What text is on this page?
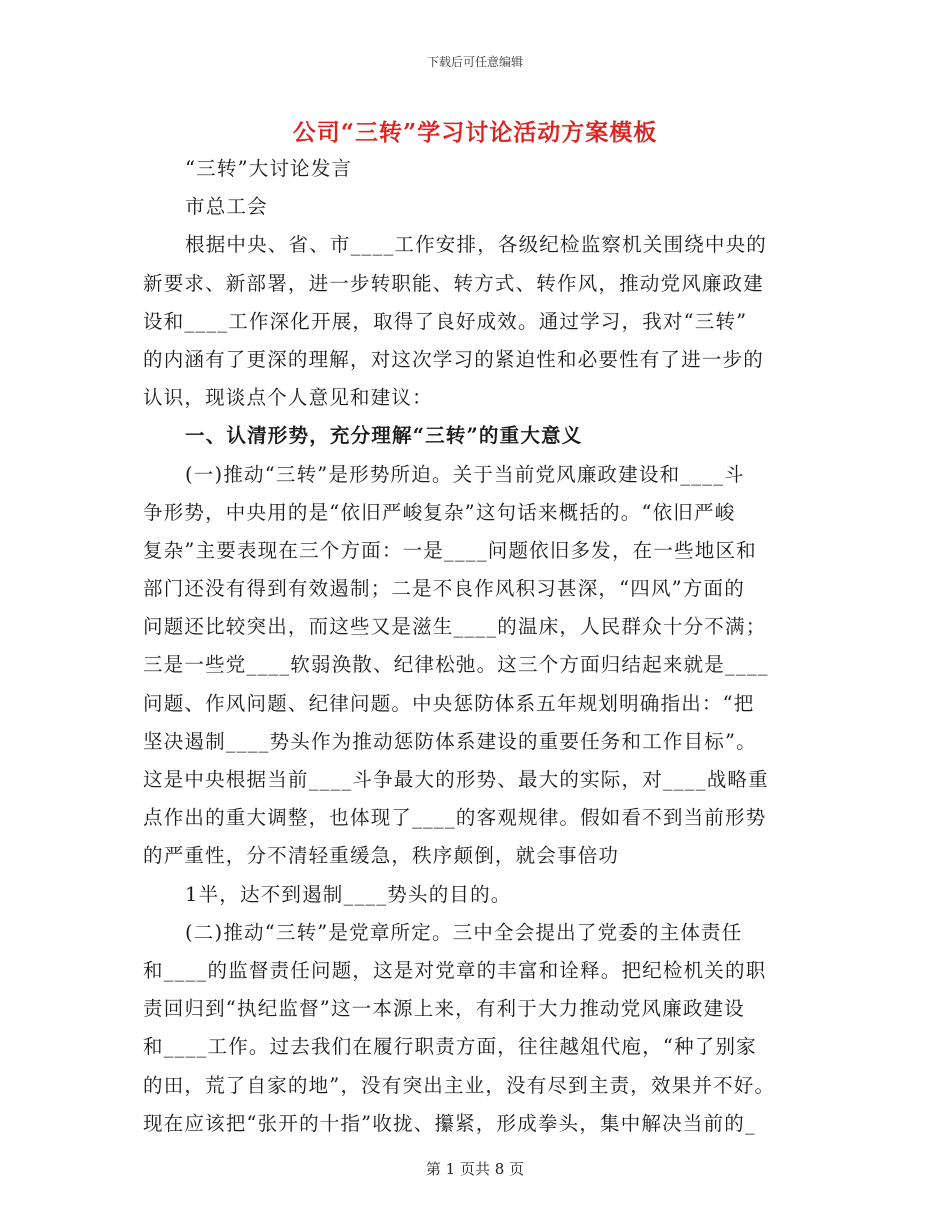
下载后可任意编辑
公司“三转”学习讨论活动方案模板
“三转”大讨论发言
市总工会
根据中央、省、市____工作安排，各级纪检监察机关围绕中央的
新要求、新部署，进一步转职能、转方式、转作风，推动党风廉政建
设和____工作深化开展，取得了良好成效。通过学习，我对“三转”
的内涵有了更深的理解，对这次学习的紧迫性和必要性有了进一步的
认识，现谈点个人意见和建议：
一、认清形势，充分理解“三转”的重大意义
(一)推动“三转”是形势所迫。关于当前党风廉政建设和____斗
争形势，中央用的是“依旧严峻复杂”这句话来概括的。“依旧严峻
复杂”主要表现在三个方面：一是____问题依旧多发，在一些地区和
部门还没有得到有效遏制；二是不良作风积习甚深，“四风”方面的
问题还比较突出，而这些又是滋生____的温床，人民群众十分不满；
三是一些党____软弱涣散、纪律松弛。这三个方面归结起来就是____
问题、作风问题、纪律问题。中央惩防体系五年规划明确指出：“把
坚决遏制____势头作为推动惩防体系建设的重要任务和工作目标”。
这是中央根据当前____斗争最大的形势、最大的实际，对____战略重
点作出的重大调整，也体现了____的客观规律。假如看不到当前形势
的严重性，分不清轻重缓急，秩序颠倒，就会事倍功
1半，达不到遏制____势头的目的。
(二)推动“三转”是党章所定。三中全会提出了党委的主体责任
和____的监督责任问题，这是对党章的丰富和诠释。把纪检机关的职
责回归到“执纪监督”这一本源上来，有利于大力推动党风廉政建设
和____工作。过去我们在履行职责方面，往往越俎代庖，“种了别家
的田，荒了自家的地”，没有突出主业，没有尽到主责，效果并不好。
现在应该把“张开的十指”收拢、攥紧，形成拳头，集中解决当前的_
第 1 页共 8 页
